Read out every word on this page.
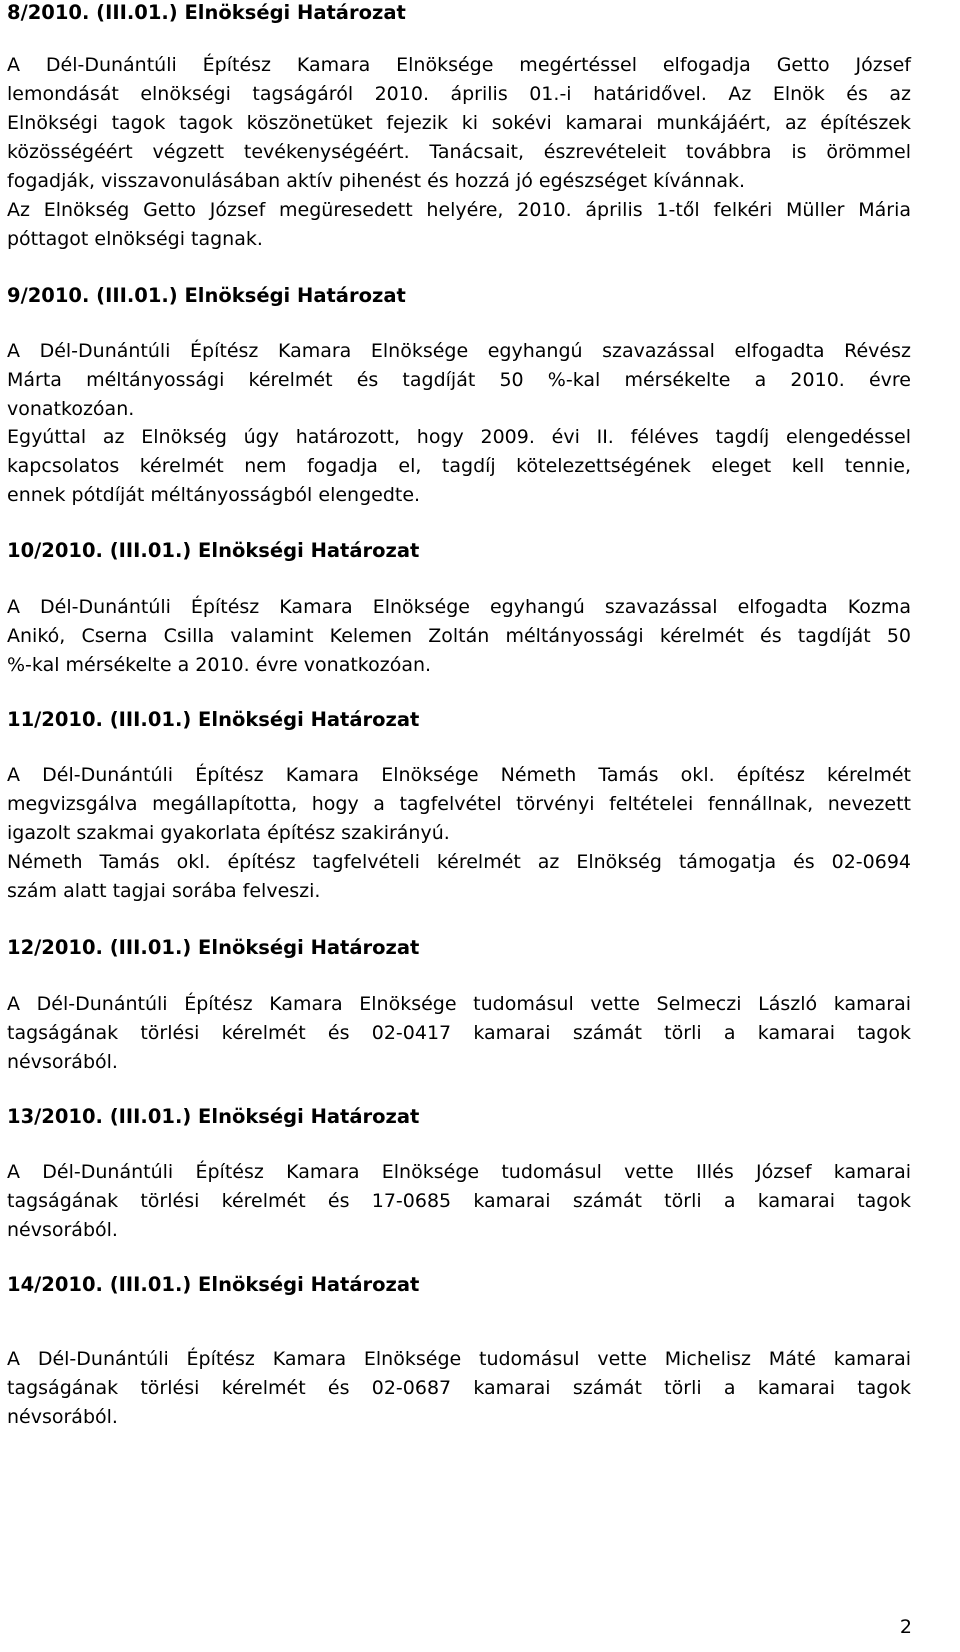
8/2010. (III.01.) Elnökségi Határozat
A Dél-Dunántúli Építész Kamara Elnöksége megértéssel elfogadja Getto József
lemondását elnökségi tagságáról 2010. április 01.-i határidővel. Az Elnök és az
Elnökségi tagok tagok köszönetüket fejezik ki sokévi kamarai munkájáért, az építészek
közösségéért végzett tevékenységéért. Tanácsait, észrevételeit továbbra is örömmel
fogadják, visszavonulásában aktív pihenést és hozzá jó egészséget kívánnak.
Az Elnökség Getto József megüresedett helyére, 2010. április 1-től felkéri Müller Mária
póttagot elnökségi tagnak.
9/2010. (III.01.) Elnökségi Határozat
A Dél-Dunántúli Építész Kamara Elnöksége egyhangú szavazással elfogadta Révész
Márta méltányossági kérelmét és tagdíját 50 %-kal mérsékelte a 2010. évre
vonatkozóan.
Egyúttal az Elnökség úgy határozott, hogy 2009. évi II. féléves tagdíj elengedéssel
kapcsolatos kérelmét nem fogadja el, tagdíj kötelezettségének eleget kell tennie,
ennek pótdíját méltányosságból elengedte.
10/2010. (III.01.) Elnökségi Határozat
A Dél-Dunántúli Építész Kamara Elnöksége egyhangú szavazással elfogadta Kozma
Anikó, Cserna Csilla valamint Kelemen Zoltán méltányossági kérelmét és tagdíját 50
%-kal mérsékelte a 2010. évre vonatkozóan.
11/2010. (III.01.) Elnökségi Határozat
A Dél-Dunántúli Építész Kamara Elnöksége Németh Tamás okl. építész kérelmét
megvizsgálva megállapította, hogy a tagfelvétel törvényi feltételei fennállnak, nevezett
igazolt szakmai gyakorlata építész szakirányú.
Németh Tamás okl. építész tagfelvételi kérelmét az Elnökség támogatja és 02-0694
szám alatt tagjai sorába felveszi.
12/2010. (III.01.) Elnökségi Határozat
A Dél-Dunántúli Építész Kamara Elnöksége tudomásul vette Selmeczi László kamarai
tagságának törlési kérelmét és 02-0417 kamarai számát törli a kamarai tagok
névsorából.
13/2010. (III.01.) Elnökségi Határozat
A Dél-Dunántúli Építész Kamara Elnöksége tudomásul vette Illés József kamarai
tagságának törlési kérelmét és 17-0685 kamarai számát törli a kamarai tagok
névsorából.
14/2010. (III.01.) Elnökségi Határozat
A Dél-Dunántúli Építész Kamara Elnöksége tudomásul vette Michelisz Máté kamarai
tagságának törlési kérelmét és 02-0687 kamarai számát törli a kamarai tagok
névsorából.
2
